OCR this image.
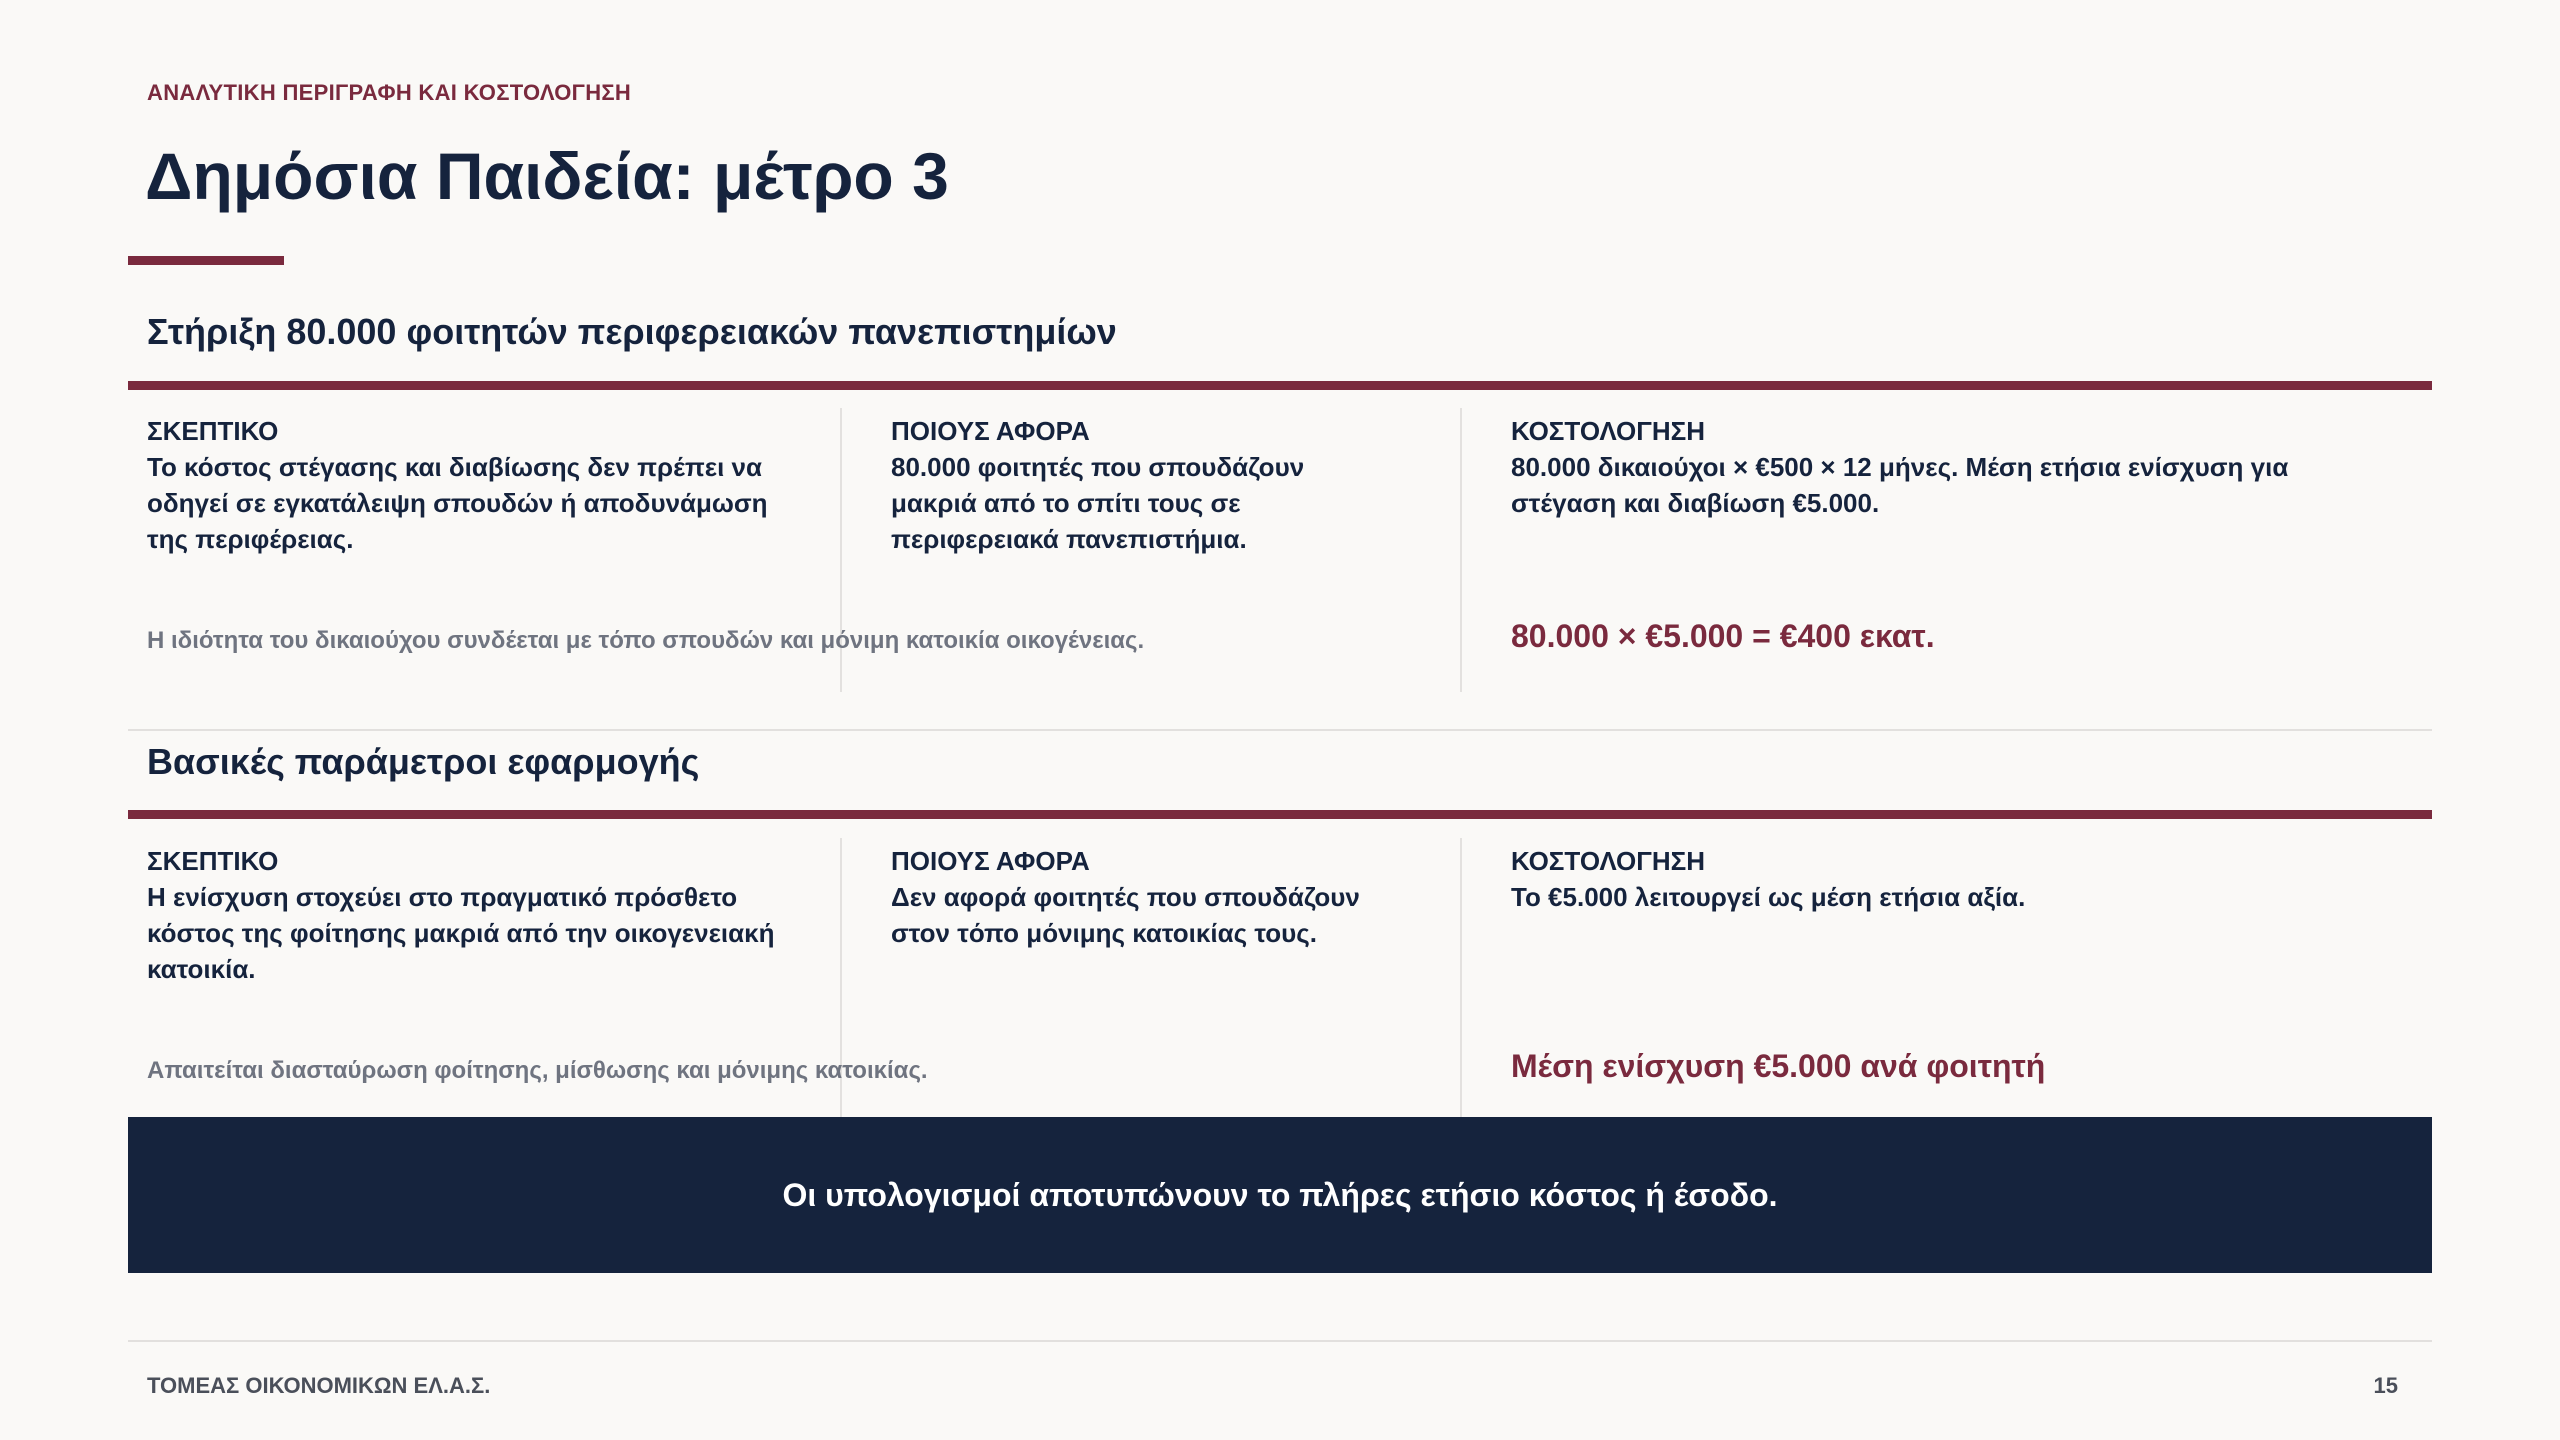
ΑΝΑΛΥΤΙΚΗ ΠΕΡΙΓΡΑΦΗ ΚΑΙ ΚΟΣΤΟΛΟΓΗΣΗ
Δημόσια Παιδεία: μέτρο 3
Στήριξη 80.000 φοιτητών περιφερειακών πανεπιστημίων
ΣΚΕΠΤΙΚΟ
Το κόστος στέγασης και διαβίωσης δεν πρέπει να
οδηγεί σε εγκατάλειψη σπουδών ή αποδυνάμωση
της περιφέρειας.
ΠΟΙΟΥΣ ΑΦΟΡΑ
80.000 φοιτητές που σπουδάζουν
μακριά από το σπίτι τους σε
περιφερειακά πανεπιστήμια.
ΚΟΣΤΟΛΟΓΗΣΗ
80.000 δικαιούχοι × €500 × 12 μήνες. Μέση ετήσια ενίσχυση για
στέγαση και διαβίωση €5.000.
Η ιδιότητα του δικαιούχου συνδέεται με τόπο σπουδών και μόνιμη κατοικία οικογένειας.	80.000 × €5.000 = €400 εκατ.
Βασικές παράμετροι εφαρμογής
ΣΚΕΠΤΙΚΟ
Η ενίσχυση στοχεύει στο πραγματικό πρόσθετο
κόστος της φοίτησης μακριά από την οικογενειακή
κατοικία.
ΠΟΙΟΥΣ ΑΦΟΡΑ
Δεν αφορά φοιτητές που σπουδάζουν
στον τόπο μόνιμης κατοικίας τους.
ΚΟΣΤΟΛΟΓΗΣΗ
Το €5.000 λειτουργεί ως μέση ετήσια αξία.
Απαιτείται διασταύρωση φοίτησης, μίσθωσης και μόνιμης κατοικίας.	Μέση ενίσχυση €5.000 ανά φοιτητή
Οι υπολογισμοί αποτυπώνουν το πλήρες ετήσιο κόστος ή έσοδο.
ΤΟΜΕΑΣ ΟΙΚΟΝΟΜΙΚΩΝ ΕΛ.Α.Σ.	15
